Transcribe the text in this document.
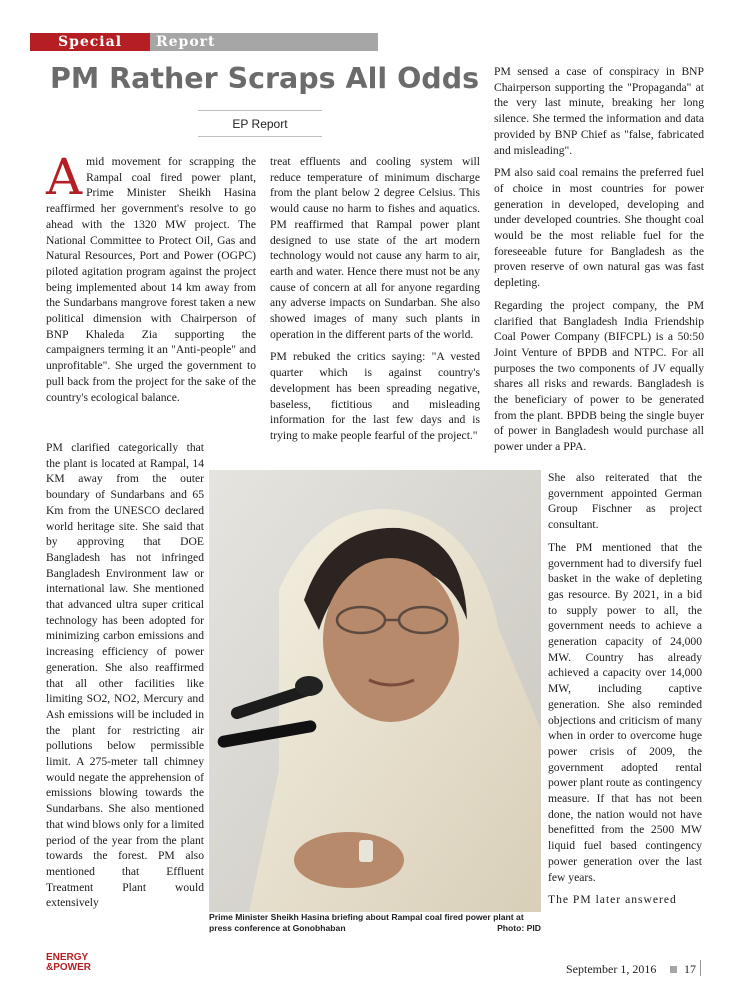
Special	Report
PM Rather Scraps All Odds
EP Report

Amid movement for scrapping the Rampal coal fired power plant, Prime Minister Sheikh Hasina reaffirmed her government's resolve to go ahead with the 1320 MW project. The National Committee to Protect Oil, Gas and Natural Resources, Port and Power (OGPC) piloted agitation program against the project being implemented about 14 km away from the Sundarbans mangrove forest taken a new political dimension with Chairperson of BNP Khaleda Zia supporting the campaigners terming it an "Anti-people" and unprofitable". She urged the government to pull back from the project for the sake of the country's ecological balance.

PM clarified categorically that the plant is located at Rampal, 14 KM away from the outer boundary of Sundarbans and 65 Km from the UNESCO declared world heritage site. She said that by approving that DOE Bangladesh has not infringed Bangladesh Environment law or international law. She mentioned that advanced ultra super critical technology has been adopted for minimizing carbon emissions and increasing efficiency of power generation. She also reaffirmed that all other facilities like limiting SO2, NO2, Mercury and Ash emissions will be included in the plant for restricting air pollutions below permissible limit. A 275-meter tall chimney would negate the apprehension of emissions blowing towards the Sundarbans. She also mentioned that wind blows only for a limited period of the year from the plant towards the forest. PM also mentioned that Effluent Treatment Plant would extensively

treat effluents and cooling system will reduce temperature of minimum discharge from the plant below 2 degree Celsius. This would cause no harm to fishes and aquatics. PM reaffirmed that Rampal power plant designed to use state of the art modern technology would not cause any harm to air, earth and water. Hence there must not be any cause of concern at all for anyone regarding any adverse impacts on Sundarban. She also showed images of many such plants in operation in the different parts of the world.

PM rebuked the critics saying: "A vested quarter which is against country's development has been spreading negative, baseless, fictitious and misleading information for the last few days and is trying to make people fearful of the project."

PM sensed a case of conspiracy in BNP Chairperson supporting the "Propaganda" at the very last minute, breaking her long silence. She termed the information and data provided by BNP Chief as "false, fabricated and misleading".

PM also said coal remains the preferred fuel of choice in most countries for power generation in developed, developing and under developed countries. She thought coal would be the most reliable fuel for the foreseeable future for Bangladesh as the proven reserve of own natural gas was fast depleting.

Regarding the project company, the PM clarified that Bangladesh India Friendship Coal Power Company (BIFCPL) is a 50:50 Joint Venture of BPDB and NTPC. For all purposes the two components of JV equally shares all risks and rewards. Bangladesh is the beneficiary of power to be generated from the plant. BPDB being the single buyer of power in Bangladesh would purchase all power under a PPA.

She also reiterated that the government appointed German Group Fischner as project consultant.

The PM mentioned that the government had to diversify fuel basket in the wake of depleting gas resource. By 2021, in a bid to supply power to all, the government needs to achieve a generation capacity of 24,000 MW. Country has already achieved a capacity over 14,000 MW, including captive generation. She also reminded objections and criticism of many when in order to overcome huge power crisis of 2009, the government adopted rental power plant route as contingency measure. If that has not been done, the nation would not have benefitted from the 2500 MW liquid fuel based contingency power generation over the last few years.

The PM later answered

Prime Minister Sheikh Hasina briefing about Rampal coal fired power plant at press conference at Gonobhaban	Photo: PID
ENERGY
&POWER	September 1, 2016 17
